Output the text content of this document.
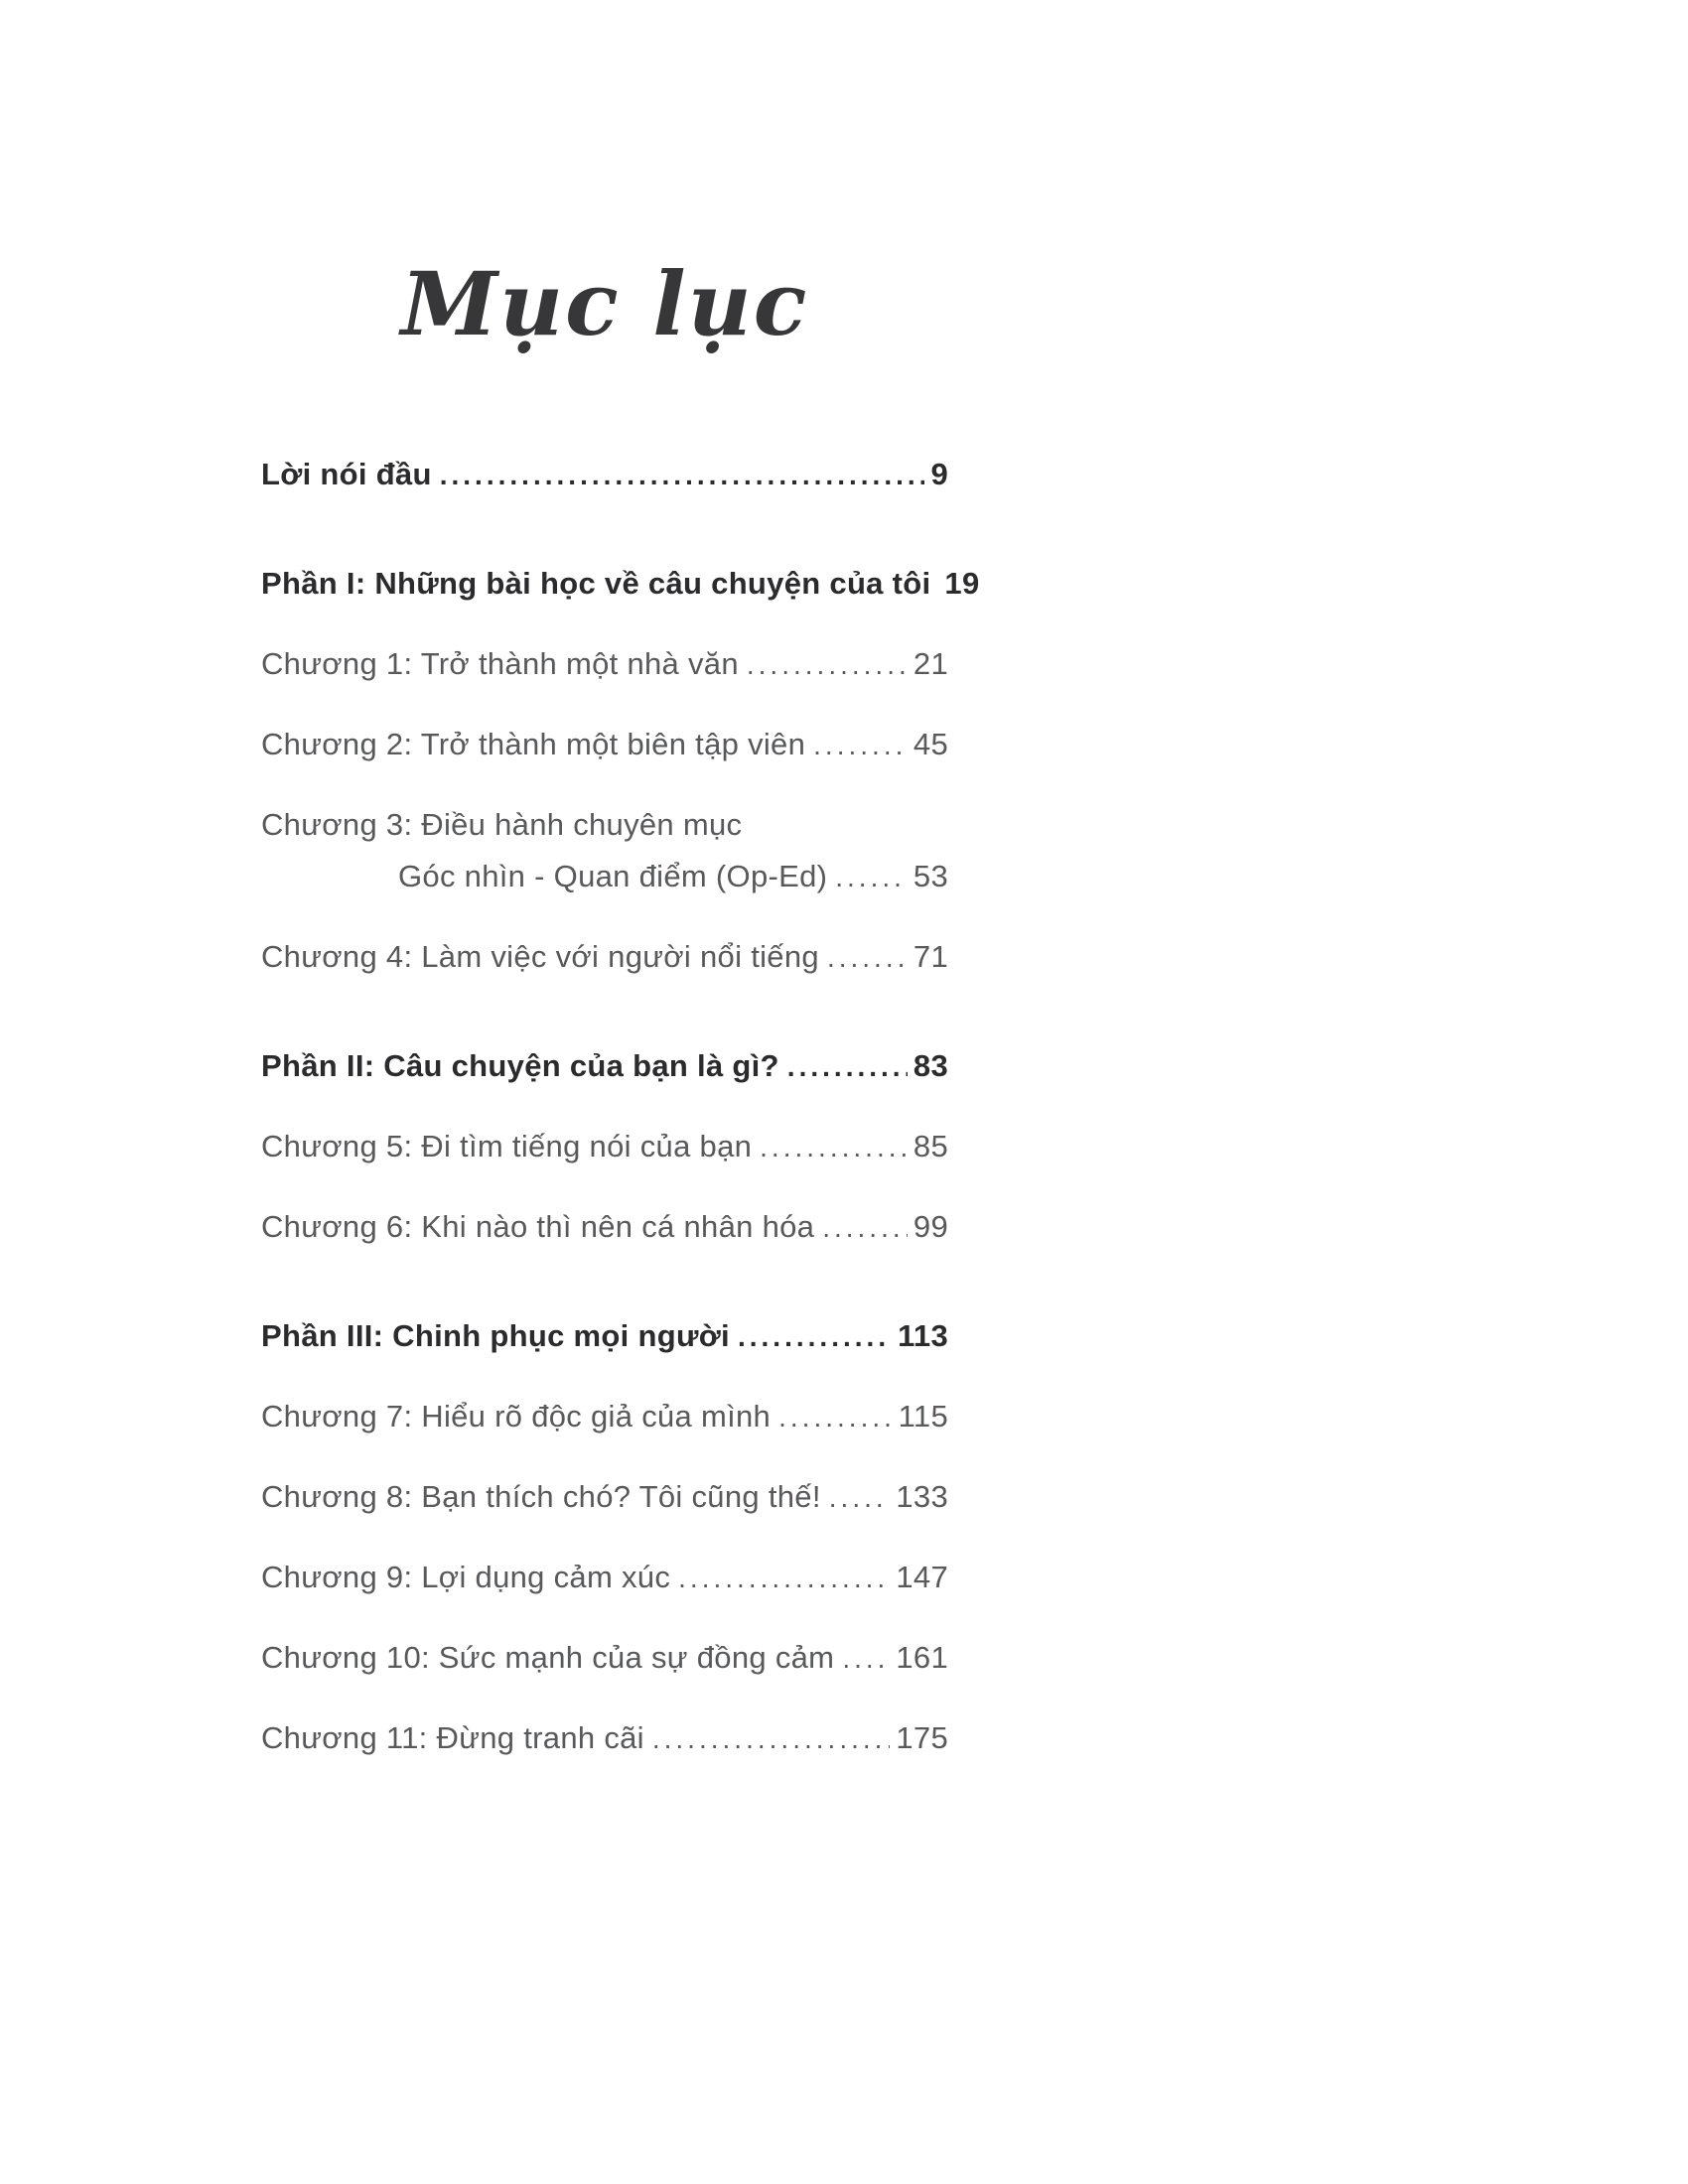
Mục lục
Lời nói đầu .....	9
Phần I: Những bài học về câu chuyện của tôi ..... 19
Chương 1: Trở thành một nhà văn .....	21
Chương 2: Trở thành một biên tập viên .....	45
Chương 3: Điều hành chuyên mục
Góc nhìn - Quan điểm (Op-Ed) .....	53
Chương 4: Làm việc với người nổi tiếng .....	71
Phần II: Câu chuyện của bạn là gì? .....	83
Chương 5: Đi tìm tiếng nói của bạn .....	85
Chương 6: Khi nào thì nên cá nhân hóa .....	99
Phần III: Chinh phục mọi người .....	113
Chương 7: Hiểu rõ độc giả của mình .....	115
Chương 8: Bạn thích chó? Tôi cũng thế! ..... 133
Chương 9: Lợi dụng cảm xúc .....	147
Chương 10: Sức mạnh của sự đồng cảm ..... 161
Chương 11: Đừng tranh cãi .....	175
